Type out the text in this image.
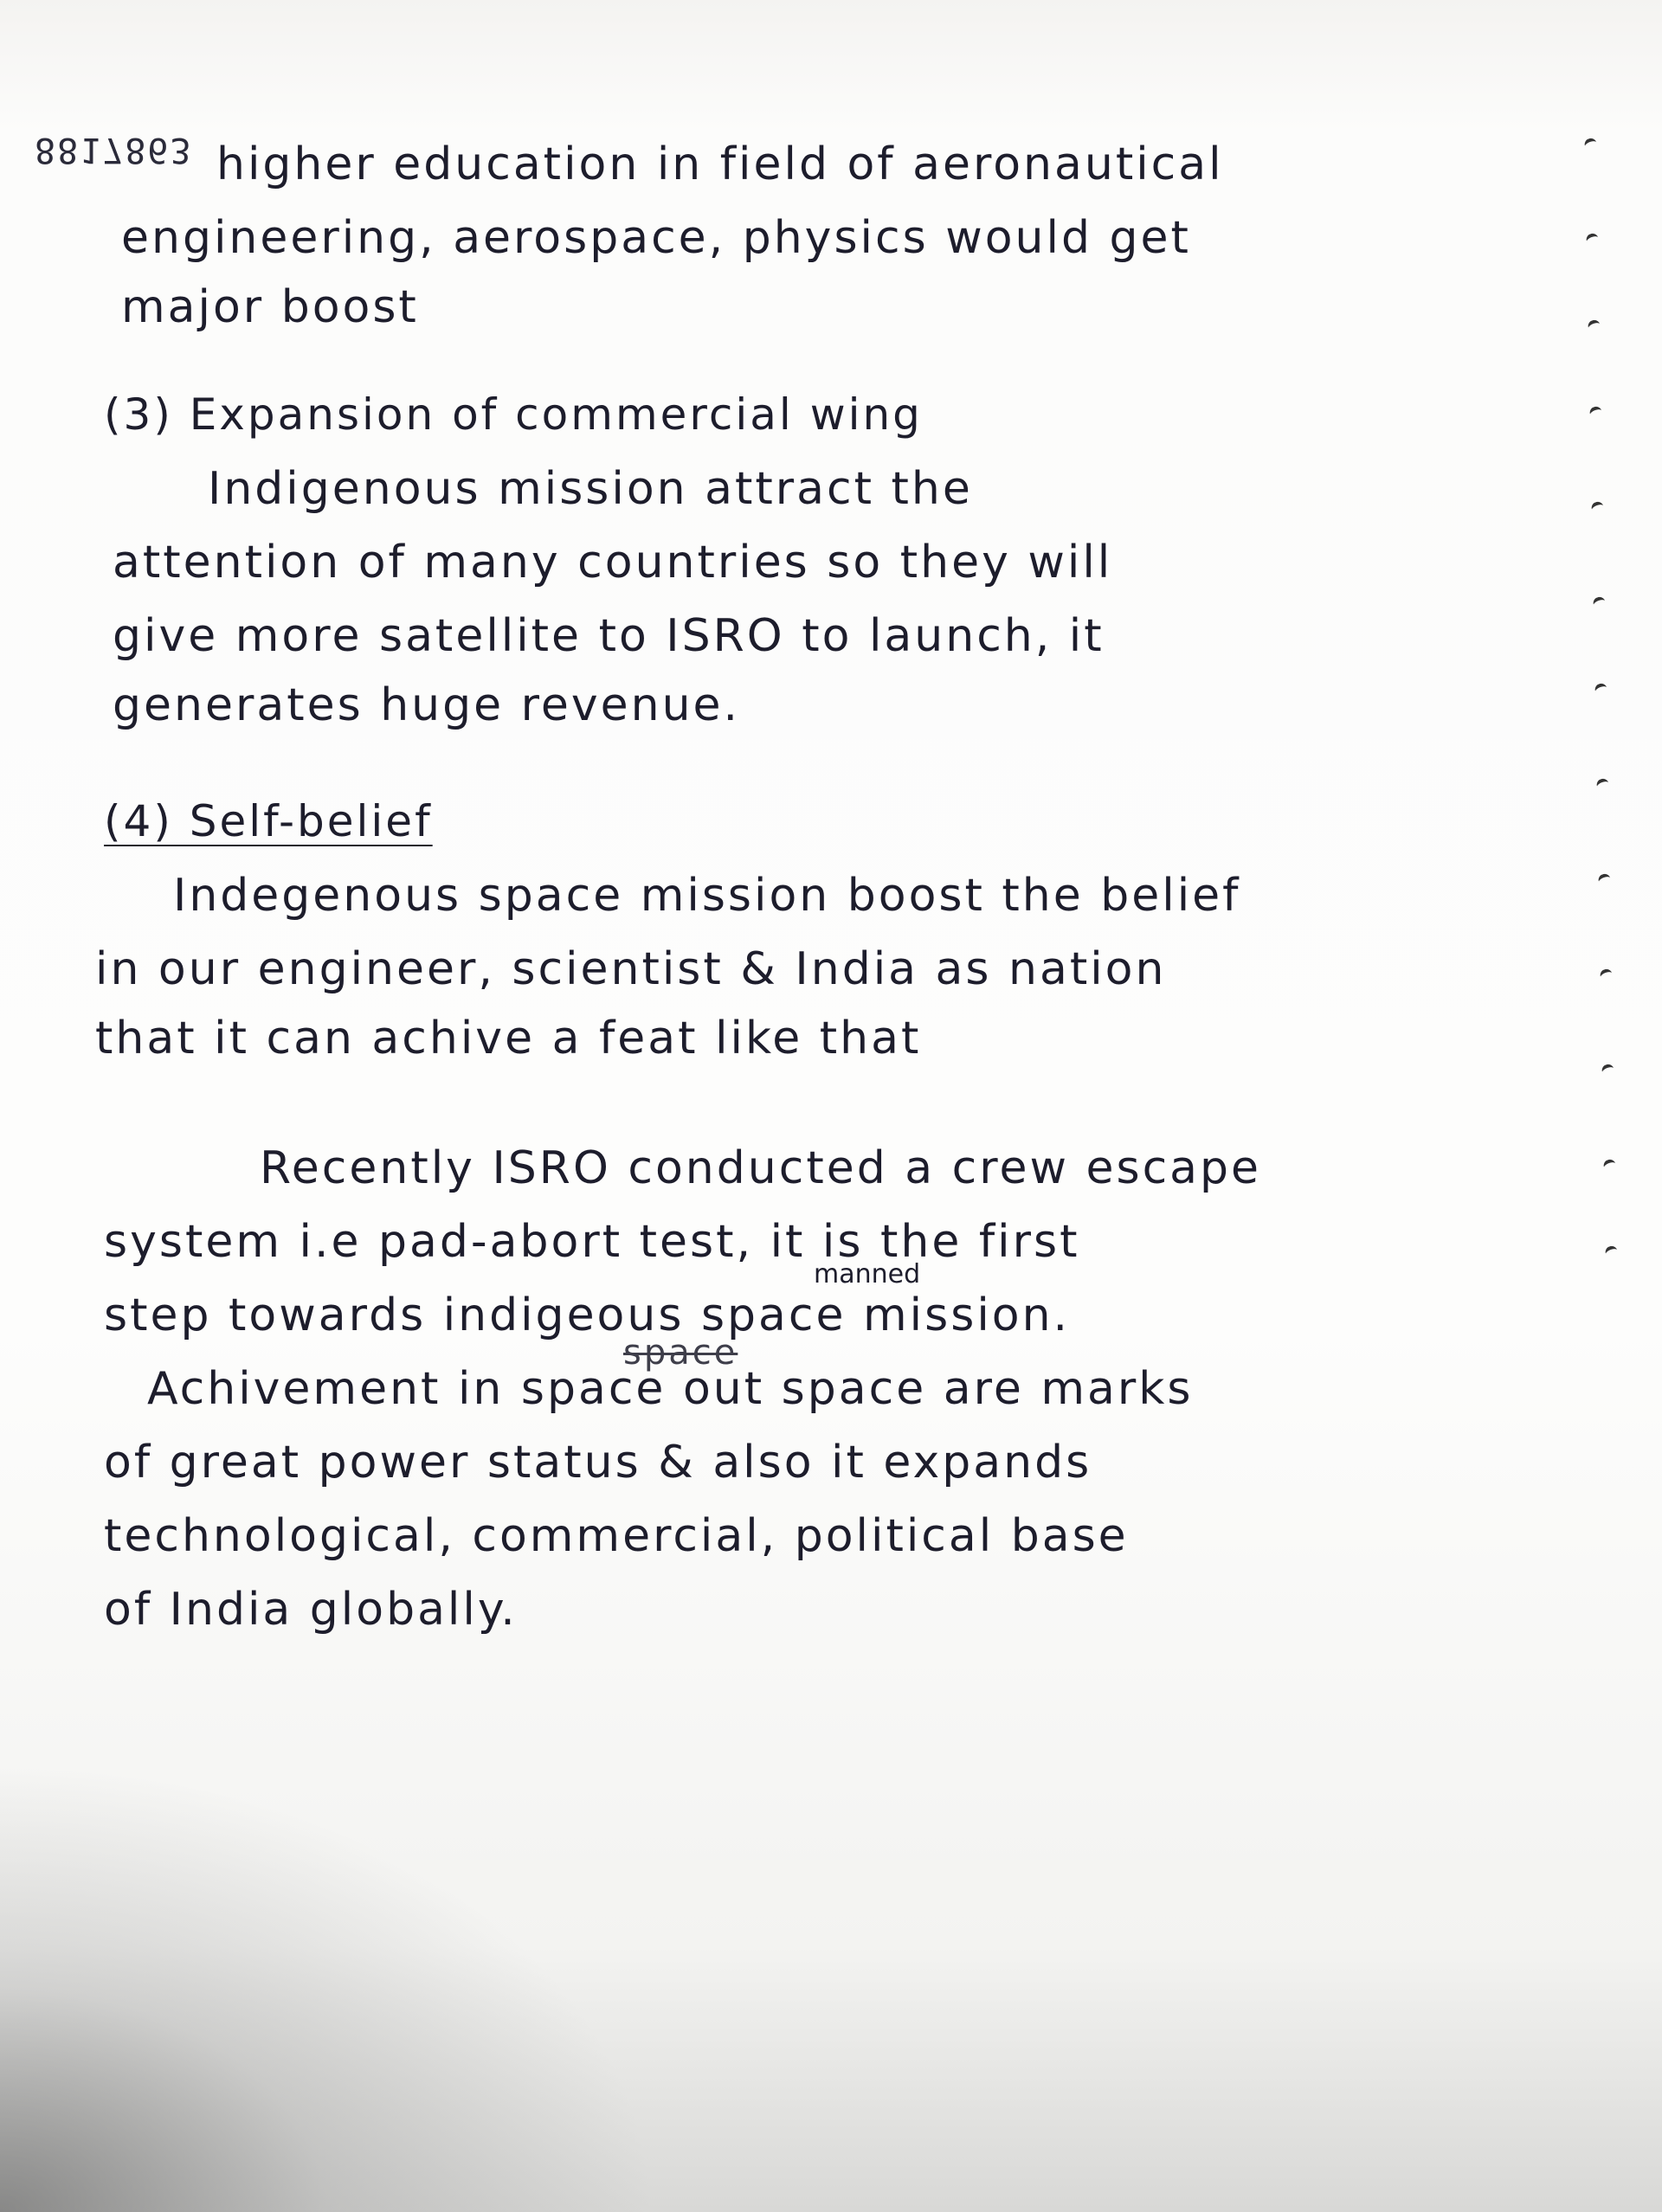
8817863 higher education in field of aeronautical
engineering, aerospace, physics would get
major boost
(3) Expansion of commercial wing
Indigenous mission attract the
attention of many countries so they will
give more satellite to ISRO to launch, it
generates huge revenue.
(4) Self-belief
Indegenous space mission boost the belief
in our engineer, scientist & India as nation
that it can achive a feat like that
Recently ISRO conducted a crew escape
system i.e pad-abort test, it is the first
manned
step towards indigeous space mission.
Achivement in space out space are marks
of great power status & also it expands
technological, commercial, political base
of India globally.
space
